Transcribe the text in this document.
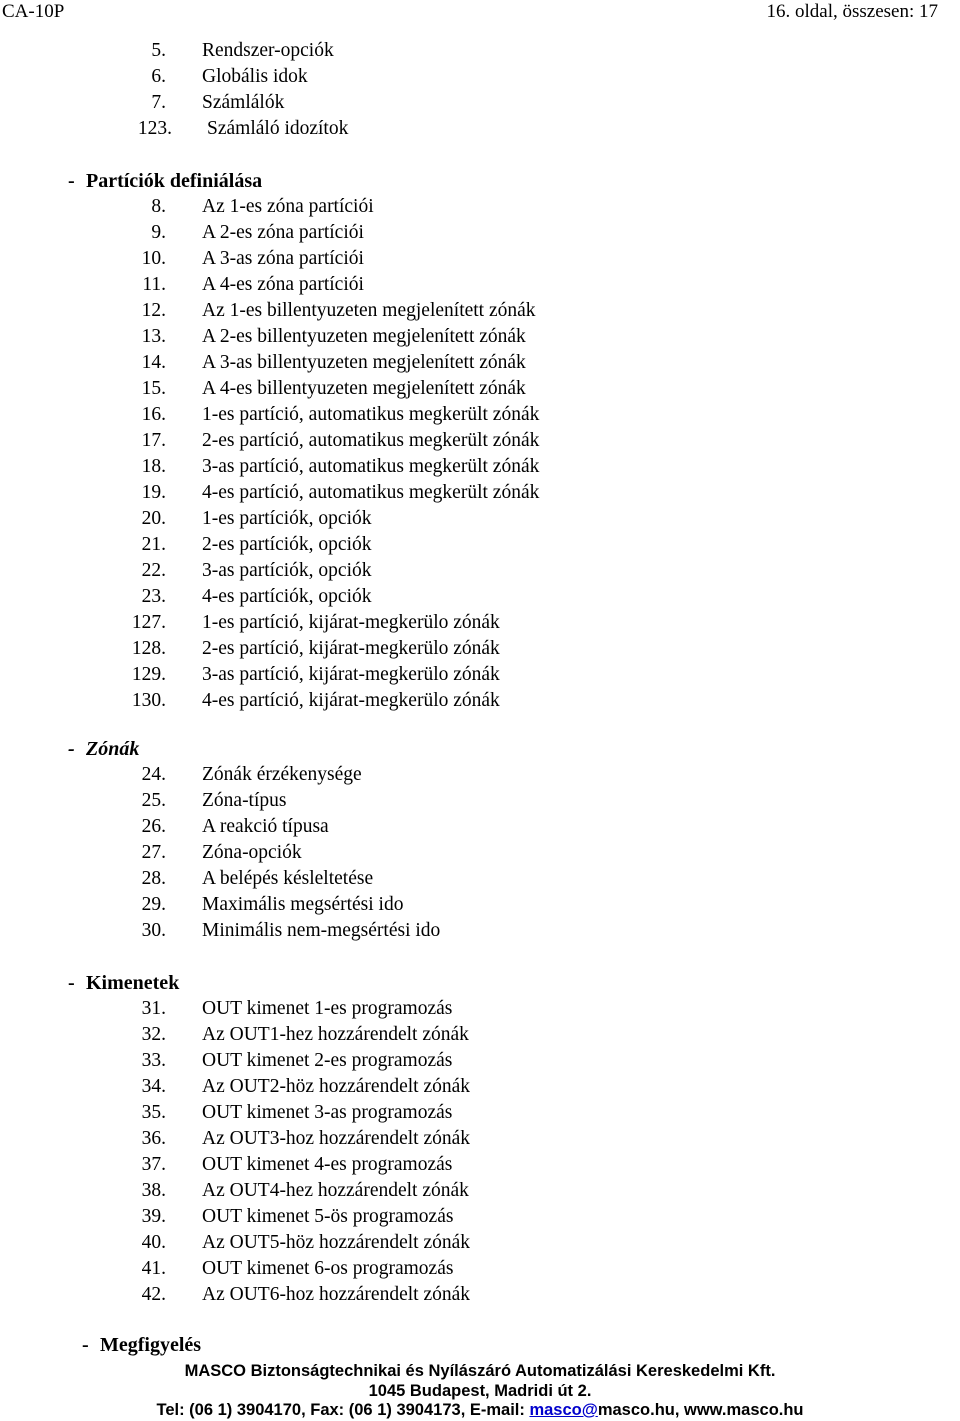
CA-10P	16. oldal, összesen: 17
5. Rendszer-opciók
6. Globális idok
7. Számlálók
123. Számláló idozítok
- Partíciók definiálása
8. Az 1-es zóna partíciói
9. A 2-es zóna partíciói
10. A 3-as zóna partíciói
11. A 4-es zóna partíciói
12. Az 1-es billentyuzeten megjelenített zónák
13. A 2-es billentyuzeten megjelenített zónák
14. A 3-as billentyuzeten megjelenített zónák
15. A 4-es billentyuzeten megjelenített zónák
16. 1-es partíció, automatikus megkerült zónák
17. 2-es partíció, automatikus megkerült zónák
18. 3-as partíció, automatikus megkerült zónák
19. 4-es partíció, automatikus megkerült zónák
20. 1-es partíciók, opciók
21. 2-es partíciók, opciók
22. 3-as partíciók, opciók
23. 4-es partíciók, opciók
127. 1-es partíció, kijárat-megkerülo zónák
128. 2-es partíció, kijárat-megkerülo zónák
129. 3-as partíció, kijárat-megkerülo zónák
130. 4-es partíció, kijárat-megkerülo zónák
- Zónák
24. Zónák érzékenysége
25. Zóna-típus
26. A reakció típusa
27. Zóna-opciók
28. A belépés késleltetése
29. Maximális megsértési ido
30. Minimális nem-megsértési ido
- Kimenetek
31. OUT kimenet 1-es programozás
32. Az OUT1-hez hozzárendelt zónák
33. OUT kimenet 2-es programozás
34. Az OUT2-höz hozzárendelt zónák
35. OUT kimenet 3-as programozás
36. Az OUT3-hoz hozzárendelt zónák
37. OUT kimenet 4-es programozás
38. Az OUT4-hez hozzárendelt zónák
39. OUT kimenet 5-ös programozás
40. Az OUT5-höz hozzárendelt zónák
41. OUT kimenet 6-os programozás
42. Az OUT6-hoz hozzárendelt zónák
- Megfigyelés
MASCO Biztonságtechnikai és Nyílászáró Automatizálási Kereskedelmi Kft.
1045 Budapest, Madridi út 2.
Tel: (06 1) 3904170, Fax: (06 1) 3904173, E-mail: masco@masco.hu, www.masco.hu
